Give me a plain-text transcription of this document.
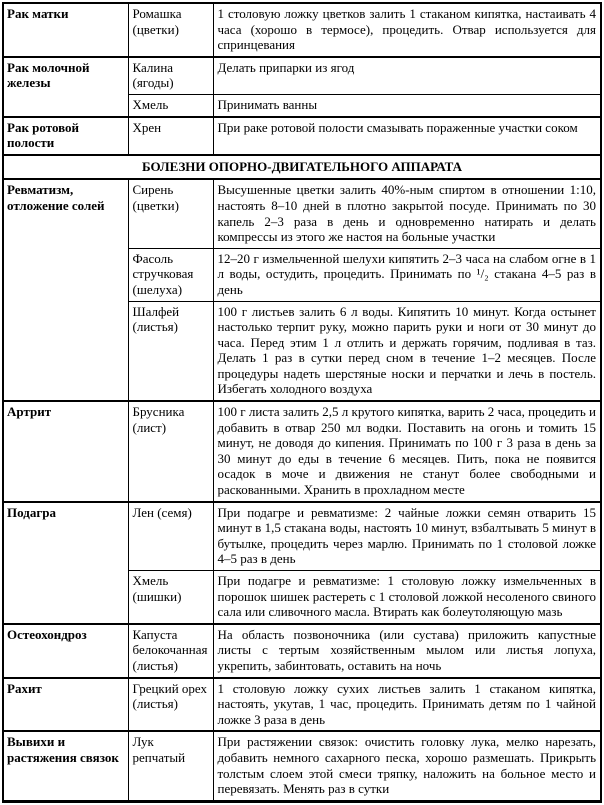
Рак матки	Ромашка (цветки)	1 столовую ложку цветков залить 1 стаканом кипятка, настаивать 4 часа (хорошо в термосе), процедить. Отвар используется для спринцевания
Рак молочной железы	Калина (ягоды)	Делать припарки из ягод
	Хмель	Принимать ванны
Рак ротовой полости	Хрен	При раке ротовой полости смазывать пораженные участки соком
БОЛЕЗНИ ОПОРНО-ДВИГАТЕЛЬНОГО АППАРАТА		
Ревматизм, отложение солей	Сирень (цветки)	Высушенные цветки залить 40%-ным спиртом в отношении 1:10, настоять 8–10 дней в плотно закрытой посуде. Принимать по 30 капель 2–3 раза в день и одновременно натирать и делать компрессы из этого же настоя на больные участки
	Фасоль стручковая (шелуха)	12–20 г измельченной шелухи кипятить 2–3 часа на слабом огне в 1 л воды, остудить, процедить. Принимать по ¹/₂ стакана 4–5 раз в день
	Шалфей (листья)	100 г листьев залить 6 л воды. Кипятить 10 минут. Когда остынет настолько терпит руку, можно парить руки и ноги от 30 минут до часа. Перед этим 1 л отлить и держать горячим, подливая в таз. Делать 1 раз в сутки перед сном в течение 1–2 месяцев. После процедуры надеть шерстяные носки и перчатки и лечь в постель. Избегать холодного воздуха
Артрит	Брусника (лист)	100 г листа залить 2,5 л крутого кипятка, варить 2 часа, процедить и добавить в отвар 250 мл водки. Поставить на огонь и томить 15 минут, не доводя до кипения. Принимать по 100 г 3 раза в день за 30 минут до еды в течение 6 месяцев. Пить, пока не появится осадок в моче и движения не станут более свободными и раскованными. Хранить в прохладном месте
Подагра	Лен (семя)	При подагре и ревматизме: 2 чайные ложки семян отварить 15 минут в 1,5 стакана воды, настоять 10 минут, взбалтывать 5 минут в бутылке, процедить через марлю. Принимать по 1 столовой ложке 4–5 раз в день
	Хмель (шишки)	При подагре и ревматизме: 1 столовую ложку измельченных в порошок шишек растереть с 1 столовой ложкой несоленого свиного сала или сливочного масла. Втирать как болеутоляющую мазь
Остеохондроз	Капуста белокочанная (листья)	На область позвоночника (или сустава) приложить капустные листы с тертым хозяйственным мылом или листья лопуха, укрепить, забинтовать, оставить на ночь
Рахит	Грецкий орех (листья)	1 столовую ложку сухих листьев залить 1 стаканом кипятка, настоять, укутав, 1 час, процедить. Принимать детям по 1 чайной ложке 3 раза в день
Вывихи и растяжения связок	Лук репчатый	При растяжении связок: очистить головку лука, мелко нарезать, добавить немного сахарного песка, хорошо размешать. Прикрыть толстым слоем этой смеси тряпку, наложить на больное место и перевязать. Менять раз в сутки
